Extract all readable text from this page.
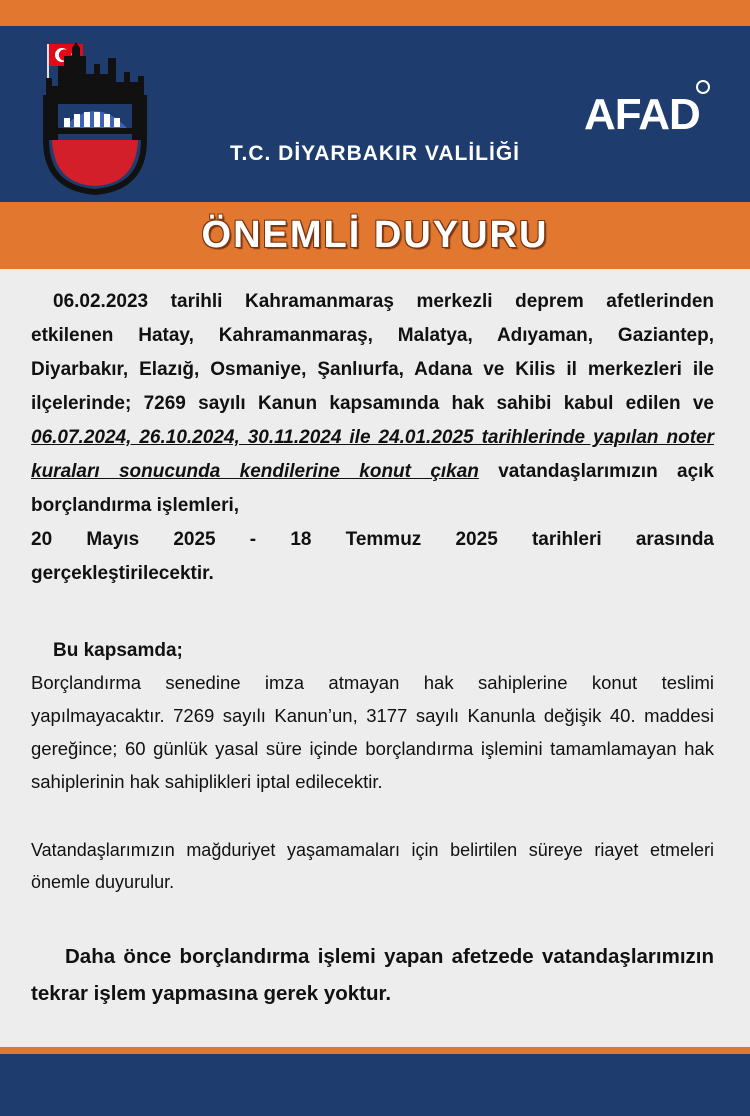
T.C. DİYARBAKIR VALİLİĞİ
AFAD
ÖNEMLİ DUYURU

06.02.2023 tarihli Kahramanmaraş merkezli deprem afetlerinden etkilenen Hatay, Kahramanmaraş, Malatya, Adıyaman, Gaziantep, Diyarbakır, Elazığ, Osmaniye, Şanlıurfa, Adana ve Kilis il merkezleri ile ilçelerinde; 7269 sayılı Kanun kapsamında hak sahibi kabul edilen ve 06.07.2024, 26.10.2024, 30.11.2024 ile 24.01.2025 tarihlerinde yapılan noter kuraları sonucunda kendilerine konut çıkan vatandaşlarımızın açık borçlandırma işlemleri,

20 Mayıs 2025 - 18 Temmuz 2025 tarihleri arasında

gerçekleştirilecektir.

Bu kapsamda;

Borçlandırma senedine imza atmayan hak sahiplerine konut teslimi yapılmayacaktır. 7269 sayılı Kanun’un, 3177 sayılı Kanunla değişik 40. maddesi gereğince; 60 günlük yasal süre içinde borçlandırma işlemini tamamlamayan hak sahiplerinin hak sahiplikleri iptal edilecektir.

Vatandaşlarımızın mağduriyet yaşamamaları için belirtilen süreye riayet etmeleri önemle duyurulur.

Daha önce borçlandırma işlemi yapan afetzede vatandaşlarımızın tekrar işlem yapmasına gerek yoktur.
